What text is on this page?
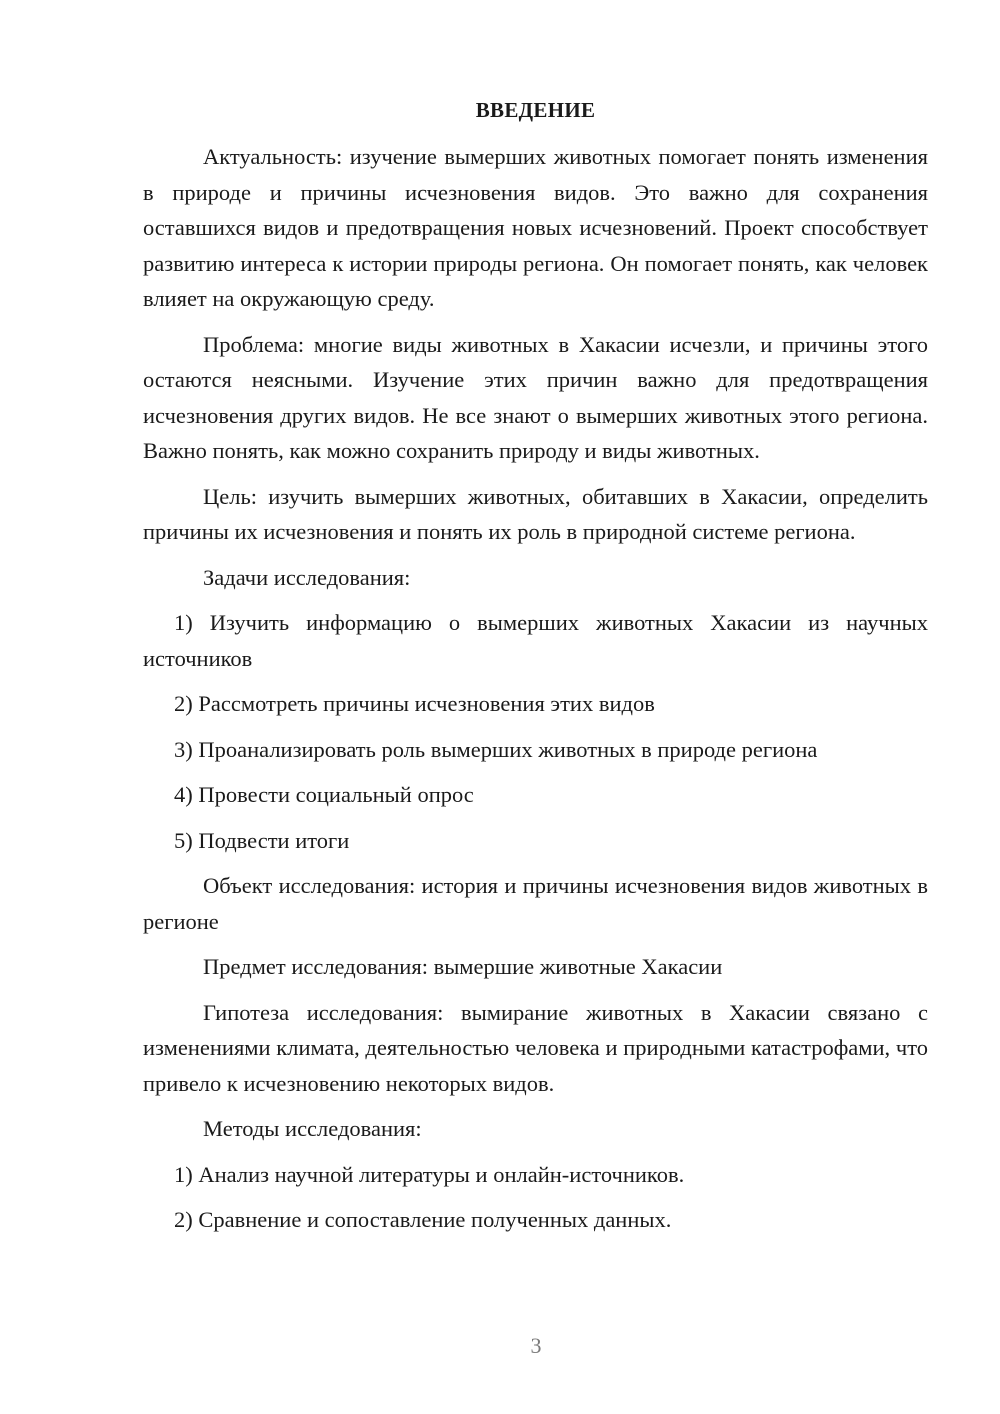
ВВЕДЕНИЕ
Актуальность: изучение вымерших животных помогает понять изменения в природе и причины исчезновения видов. Это важно для сохранения оставшихся видов и предотвращения новых исчезновений. Проект способствует развитию интереса к истории природы региона. Он помогает понять, как человек влияет на окружающую среду.
Проблема: многие виды животных в Хакасии исчезли, и причины этого остаются неясными. Изучение этих причин важно для предотвращения исчезновения других видов. Не все знают о вымерших животных этого региона. Важно понять, как можно сохранить природу и виды животных.
Цель: изучить вымерших животных, обитавших в Хакасии, определить причины их исчезновения и понять их роль в природной системе региона.
Задачи исследования:
1) Изучить информацию о вымерших животных Хакасии из научных источников
2) Рассмотреть причины исчезновения этих видов
3) Проанализировать роль вымерших животных в природе региона
4) Провести социальный опрос
5) Подвести итоги
Объект исследования: история и причины исчезновения видов животных в регионе
Предмет исследования: вымершие животные Хакасии
Гипотеза исследования: вымирание животных в Хакасии связано с изменениями климата, деятельностью человека и природными катастрофами, что привело к исчезновению некоторых видов.
Методы исследования:
1) Анализ научной литературы и онлайн-источников.
2) Сравнение и сопоставление полученных данных.
3
